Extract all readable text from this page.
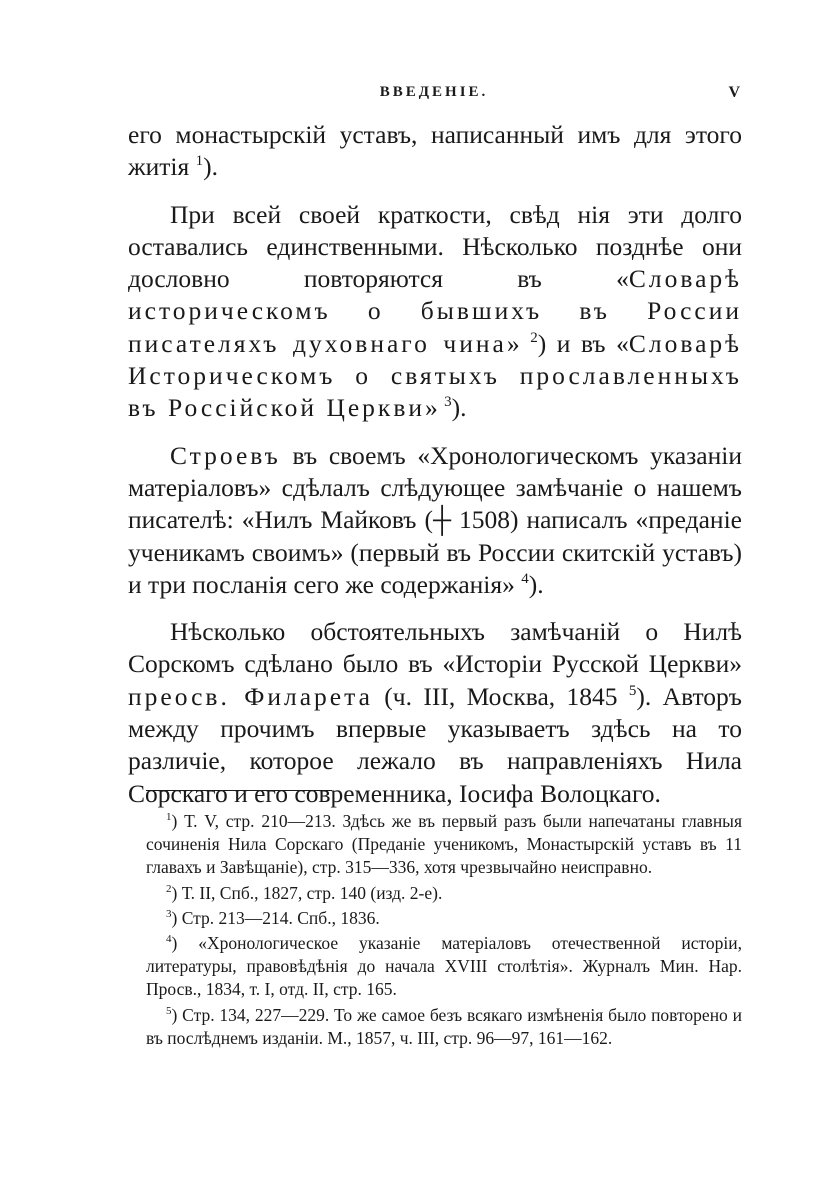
ВВЕДЕНІЕ.	V

его монастырскій уставъ, написанный имъ для этого житія $^1$).

При всей своей краткости, свѣд нія эти долго оставались единственными. Нѣсколько позднѣе они дословно повторяются въ «Словарѣ историческомъ о бывшихъ въ России писателяхъ духовнаго чина» $^2$) и въ «Словарѣ Историческомъ о святыхъ прославленныхъ въ Россійской Церкви» $^3$).

Строевъ въ своемъ «Хронологическомъ указаніи матеріаловъ» сдѣлалъ слѣдующее замѣчаніе о нашемъ писателѣ: «Нилъ Майковъ (┼ 1508) написалъ «преданіе ученикамъ своимъ» (первый въ России скитскій уставъ) и три посланія сего же содержанія» $^4$).

Нѣсколько обстоятельныхъ замѣчаній о Нилѣ Сорскомъ сдѣлано было въ «Исторіи Русской Церкви» преосв. Филарета (ч. III, Москва, 1845 $^5$). Авторъ между прочимъ впервые указываетъ здѣсь на то различіе, которое лежало въ направленіяхъ Нила Сорскаго и его современника, Іосифа Волоцкаго.

$^1$) Т. V, стр. 210—213. Здѣсь же въ первый разъ были напечатаны главныя сочиненія Нила Сорскаго (Преданіе ученикомъ, Монастырскій уставъ въ 11 главахъ и Завѣщаніе), стр. 315—336, хотя чрезвычайно неисправно.

$^2$) Т. II, Спб., 1827, стр. 140 (изд. 2-е).

$^3$) Стр. 213—214. Спб., 1836.

$^4$) «Хронологическое указаніе матеріаловъ отечественной исторіи, литературы, правовѣдѣнія до начала XVIII столѣтія». Журналъ Мин. Нар. Просв., 1834, т. I, отд. II, стр. 165.

$^5$) Стр. 134, 227—229. То же самое безъ всякаго измѣненія было повторено и въ послѣднемъ изданіи. М., 1857, ч. III, стр. 96—97, 161—162.
